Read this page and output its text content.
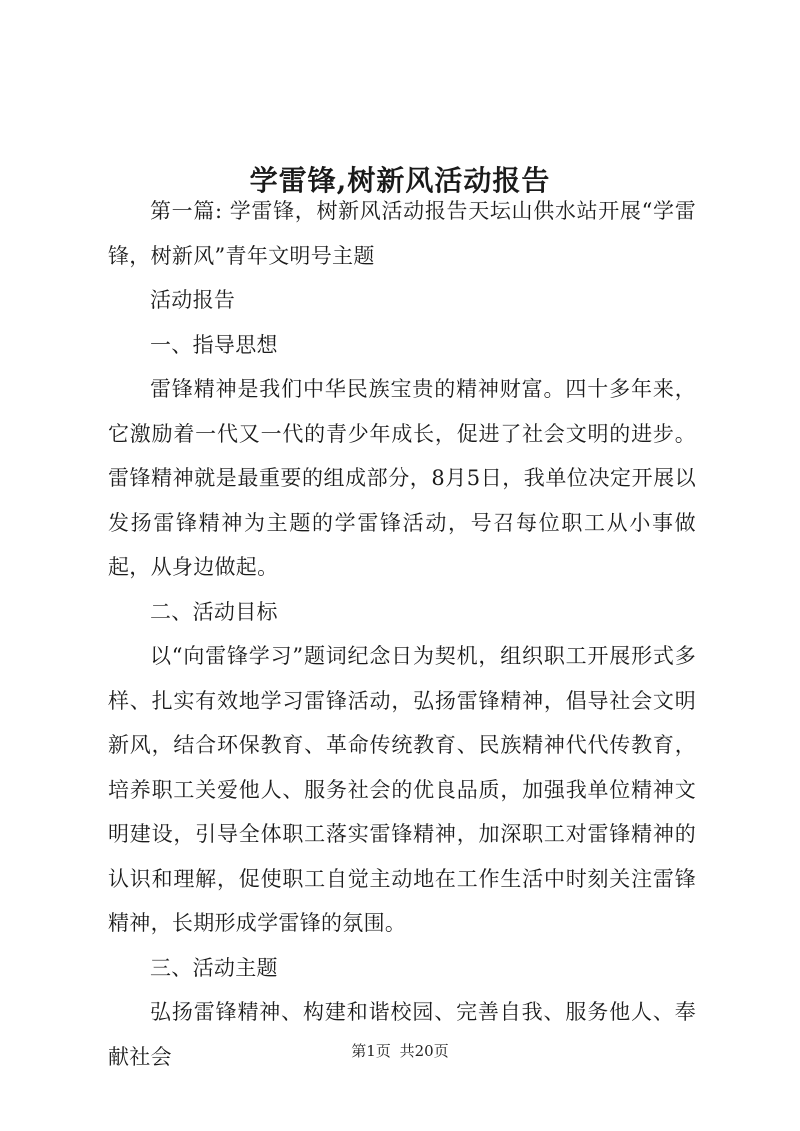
学雷锋,树新风活动报告

第一篇: 学雷锋，树新风活动报告天坛山供水站开展“学雷锋，树新风”青年文明号主题

活动报告

一、指导思想

雷锋精神是我们中华民族宝贵的精神财富。四十多年来，它激励着一代又一代的青少年成长，促进了社会文明的进步。雷锋精神就是最重要的组成部分，8月5日，我单位决定开展以发扬雷锋精神为主题的学雷锋活动，号召每位职工从小事做起，从身边做起。

二、活动目标

以“向雷锋学习”题词纪念日为契机，组织职工开展形式多样、扎实有效地学习雷锋活动，弘扬雷锋精神，倡导社会文明新风，结合环保教育、革命传统教育、民族精神代代传教育，培养职工关爱他人、服务社会的优良品质，加强我单位精神文明建设，引导全体职工落实雷锋精神，加深职工对雷锋精神的认识和理解，促使职工自觉主动地在工作生活中时刻关注雷锋精神，长期形成学雷锋的氛围。

三、活动主题

弘扬雷锋精神、构建和谐校园、完善自我、服务他人、奉献社会	第1页 共20页
